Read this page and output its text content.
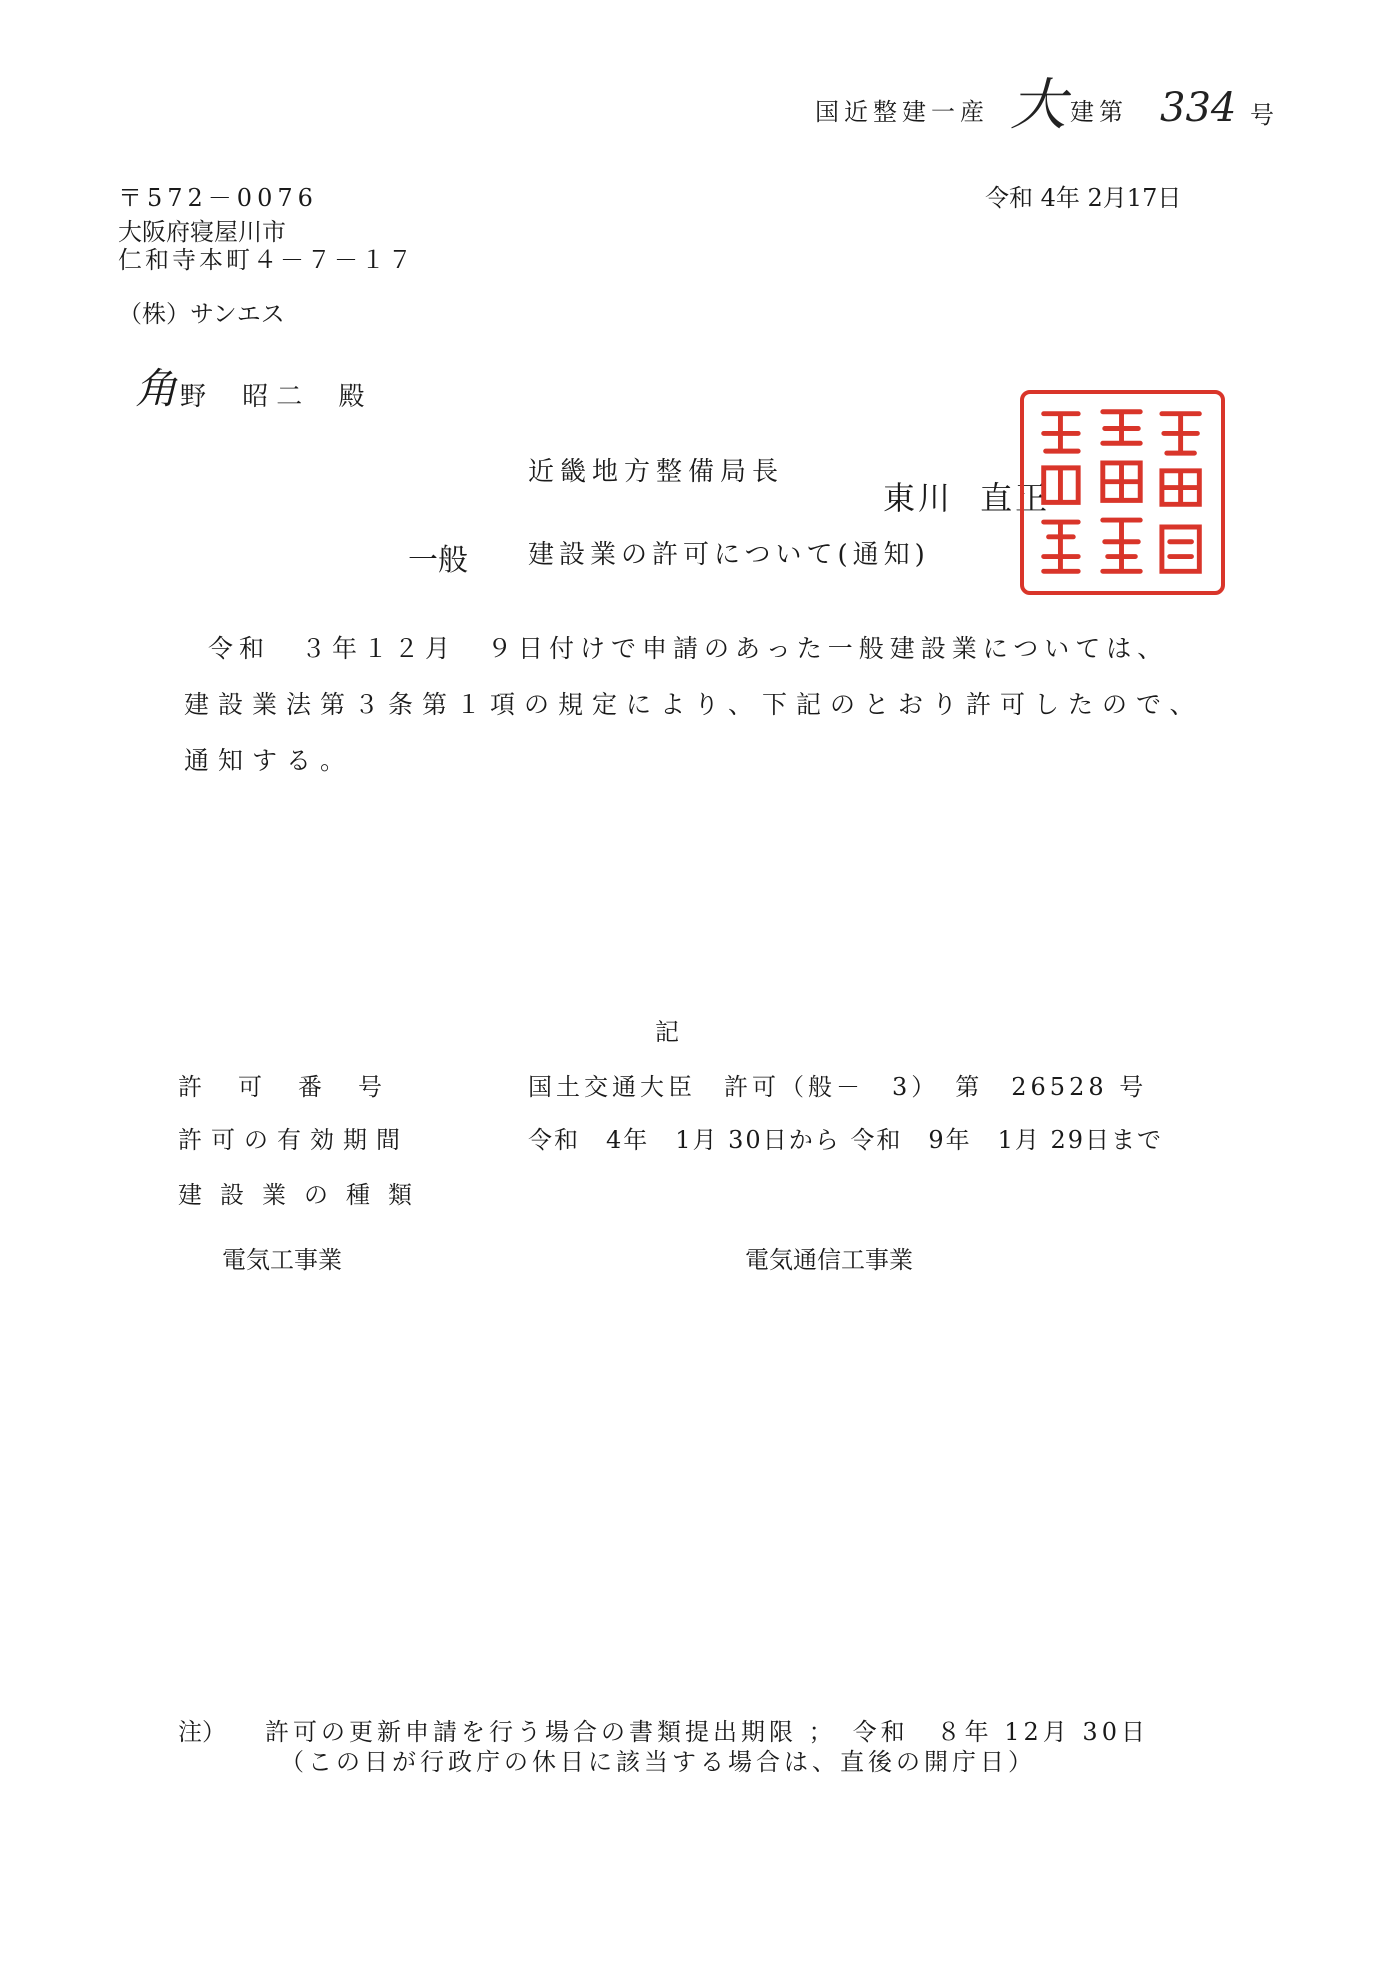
国近整建一産 大 建第 334 号
令和 4年 2月17日
〒572－0076
大阪府寝屋川市
仁和寺本町４－７－１７
（株）サンエス
角 野 昭二 殿
近畿地方整備局長
東川 直正
一般 建設業の許可について(通知)
令和　３年１２月　９日付けで申請のあった一般建設業については、
建設業法第３条第１項の規定により、下記のとおり許可したので、
通知する。
記
許　可　番　号	国土交通大臣　許可（般－　3）　第　26528 号
許可の有効期間	令和　4年　1月 30日から 令和　9年　1月 29日まで
建設業の種類
電気工事業	電気通信工事業
注） 許可の更新申請を行う場合の書類提出期限 ；　令和　８年 12月 30日
（この日が行政庁の休日に該当する場合は、直後の開庁日）
